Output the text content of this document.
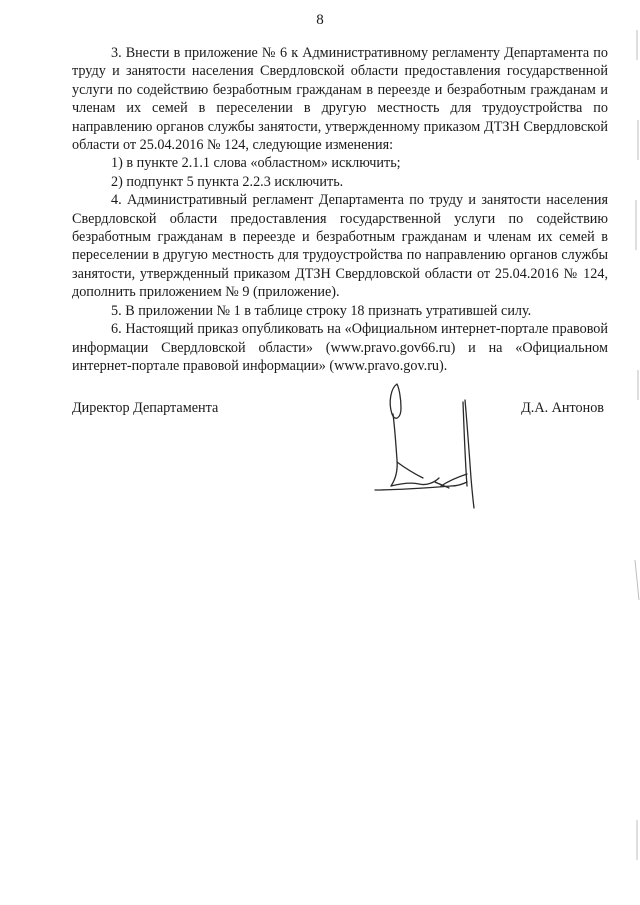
8

3. Внести в приложение № 6 к Административному регламенту Департамента по труду и занятости населения Свердловской области предоставления государственной услуги по содействию безработным гражданам в переезде и безработным гражданам и членам их семей в переселении в другую местность для трудоустройства по направлению органов службы занятости, утвержденному приказом ДТЗН Свердловской области от 25.04.2016 № 124, следующие изменения:

1) в пункте 2.1.1 слова «областном» исключить;

2) подпункт 5 пункта 2.2.3 исключить.

4. Административный регламент Департамента по труду и занятости населения Свердловской области предоставления государственной услуги по содействию безработным гражданам в переезде и безработным гражданам и членам их семей в переселении в другую местность для трудоустройства по направлению органов службы занятости, утвержденный приказом ДТЗН Свердловской области от 25.04.2016 № 124, дополнить приложением № 9 (приложение).

5. В приложении № 1 в таблице строку 18 признать утратившей силу.

6. Настоящий приказ опубликовать на «Официальном интернет-портале правовой информации Свердловской области» (www.pravo.gov66.ru) и на «Официальном интернет-портале правовой информации» (www.pravo.gov.ru).

Директор Департамента	Д.А. Антонов
